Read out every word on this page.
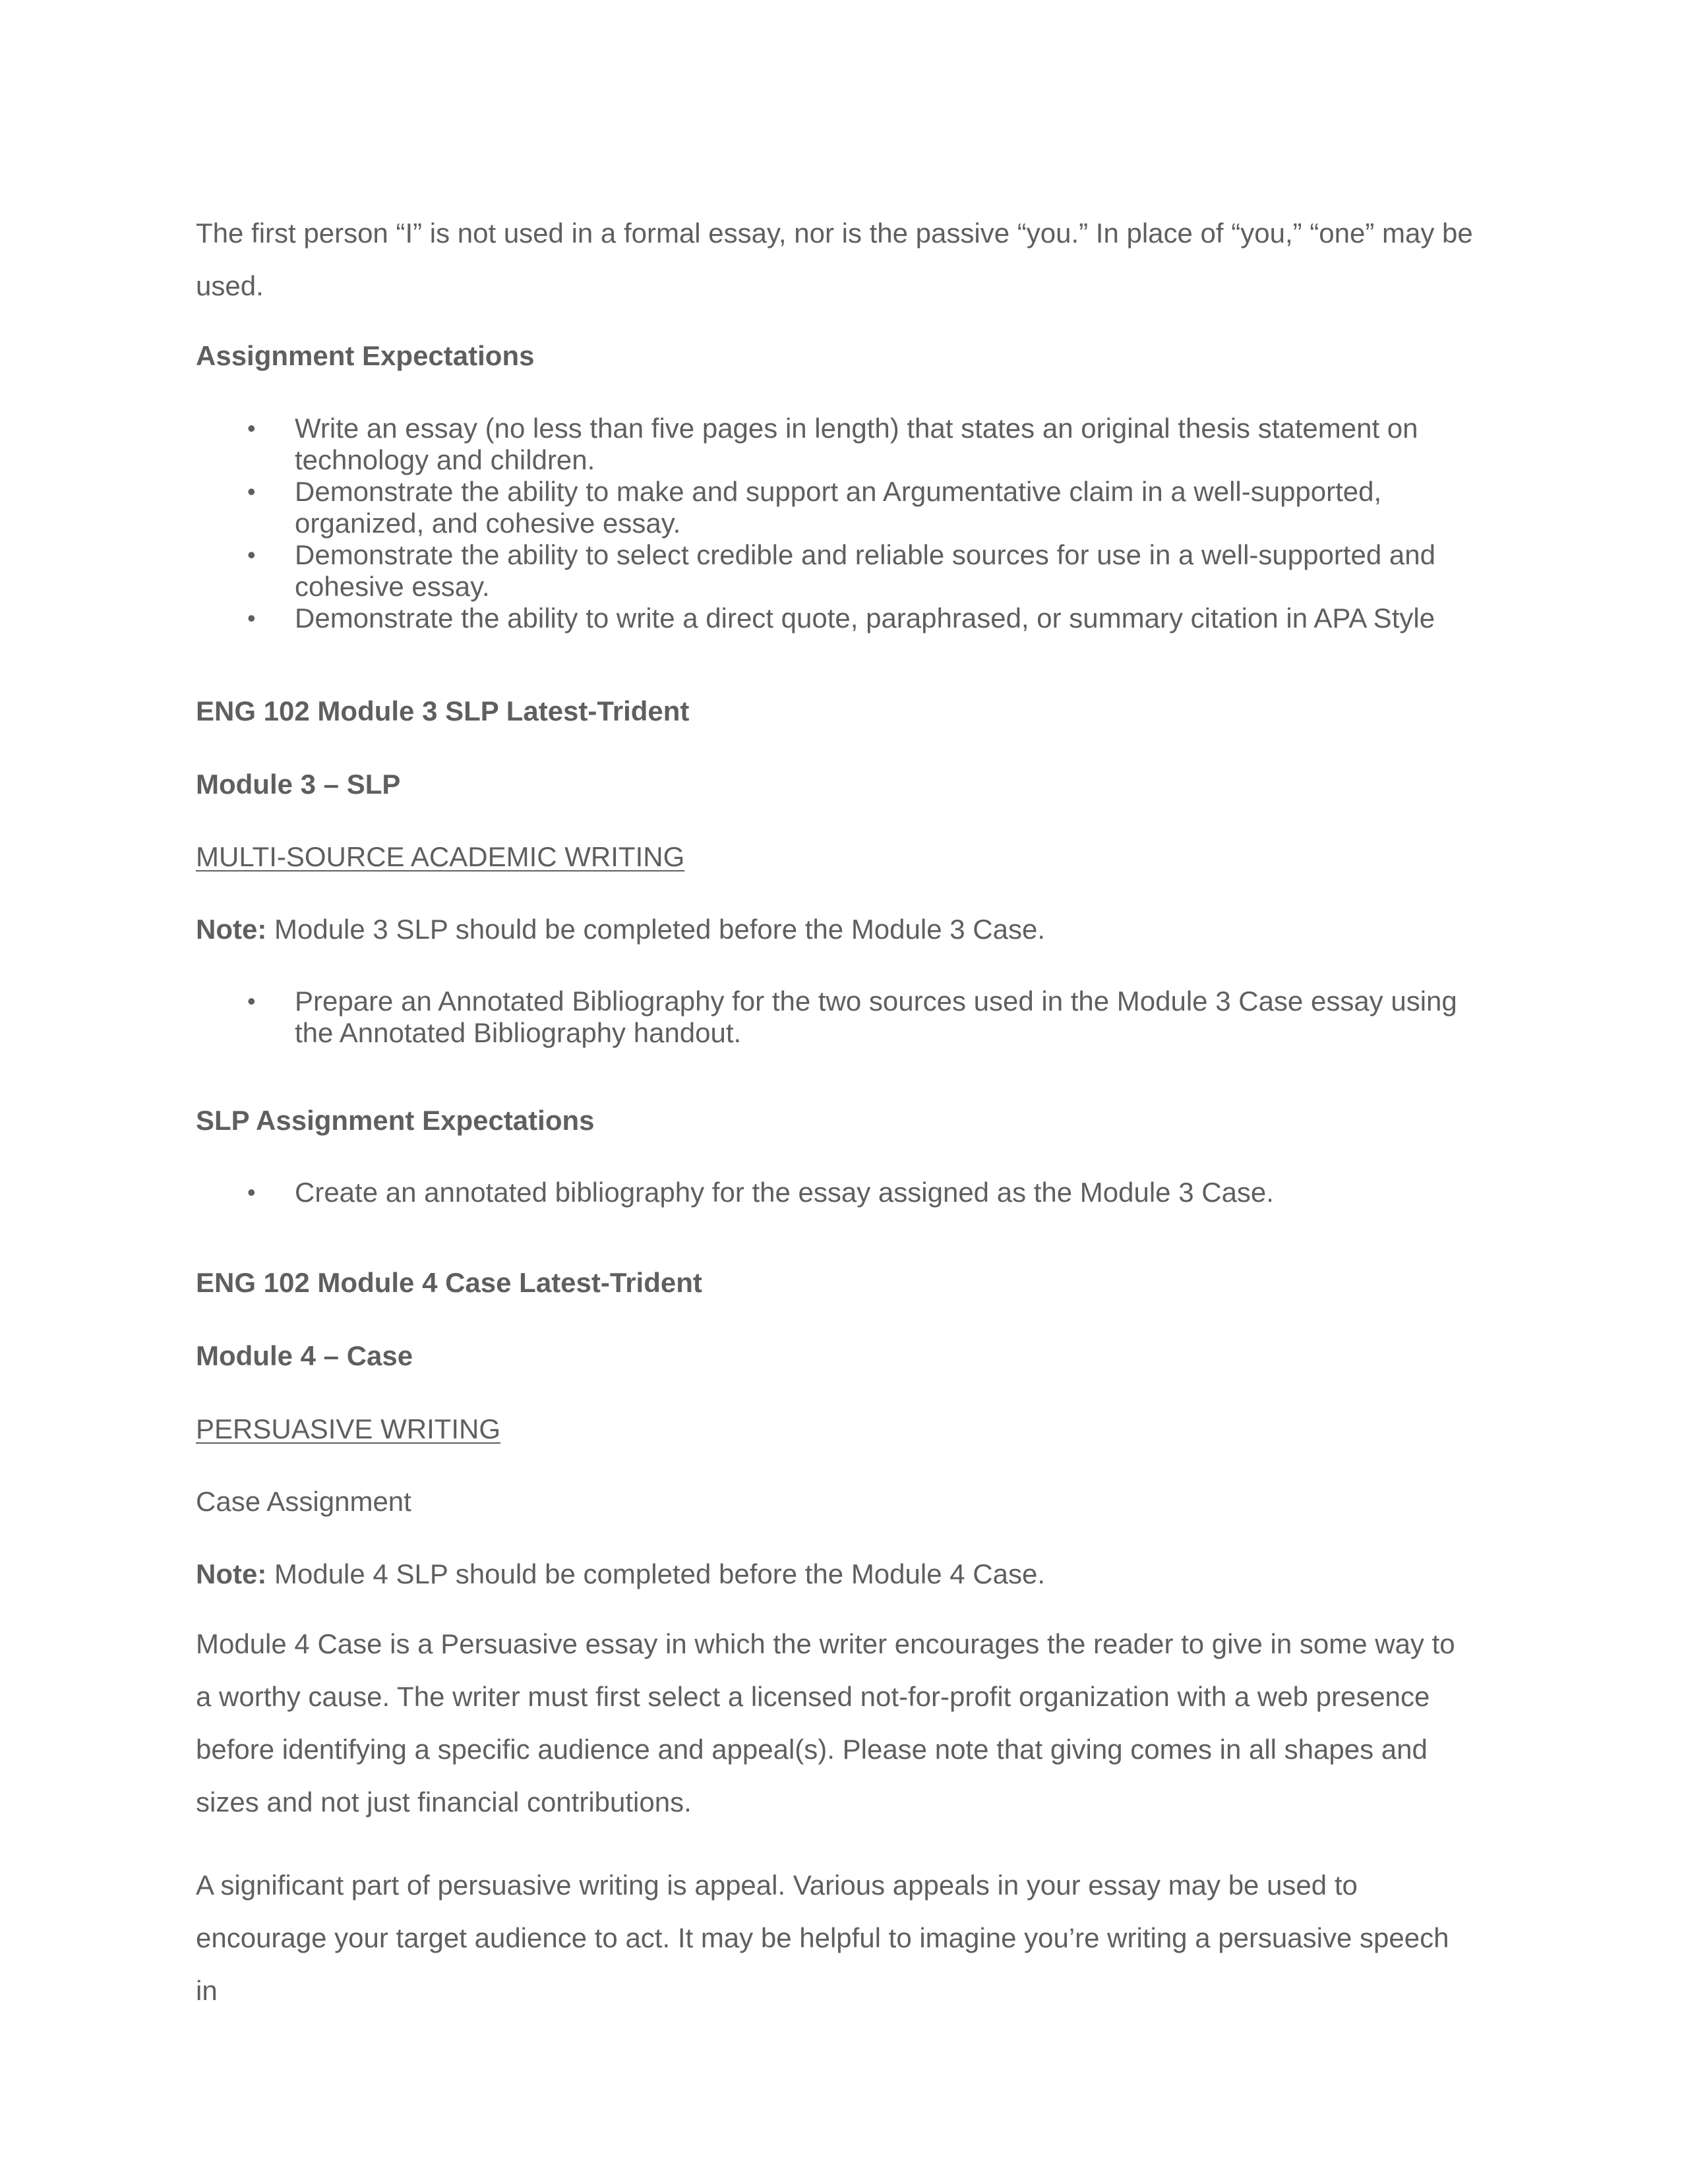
The first person “I” is not used in a formal essay, nor is the passive “you.” In place of “you,” “one” may be used.

Assignment Expectations

• Write an essay (no less than five pages in length) that states an original thesis statement on technology and children.
• Demonstrate the ability to make and support an Argumentative claim in a well-supported, organized, and cohesive essay.
• Demonstrate the ability to select credible and reliable sources for use in a well-supported and cohesive essay.
• Demonstrate the ability to write a direct quote, paraphrased, or summary citation in APA Style

ENG 102 Module 3 SLP Latest-Trident

Module 3 – SLP

MULTI-SOURCE ACADEMIC WRITING

Note: Module 3 SLP should be completed before the Module 3 Case.

• Prepare an Annotated Bibliography for the two sources used in the Module 3 Case essay using the Annotated Bibliography handout.

SLP Assignment Expectations

• Create an annotated bibliography for the essay assigned as the Module 3 Case.

ENG 102 Module 4 Case Latest-Trident

Module 4 – Case

PERSUASIVE WRITING

Case Assignment

Note: Module 4 SLP should be completed before the Module 4 Case.

Module 4 Case is a Persuasive essay in which the writer encourages the reader to give in some way to a worthy cause. The writer must first select a licensed not-for-profit organization with a web presence before identifying a specific audience and appeal(s). Please note that giving comes in all shapes and sizes and not just financial contributions.

A significant part of persuasive writing is appeal. Various appeals in your essay may be used to encourage your target audience to act. It may be helpful to imagine you’re writing a persuasive speech in
